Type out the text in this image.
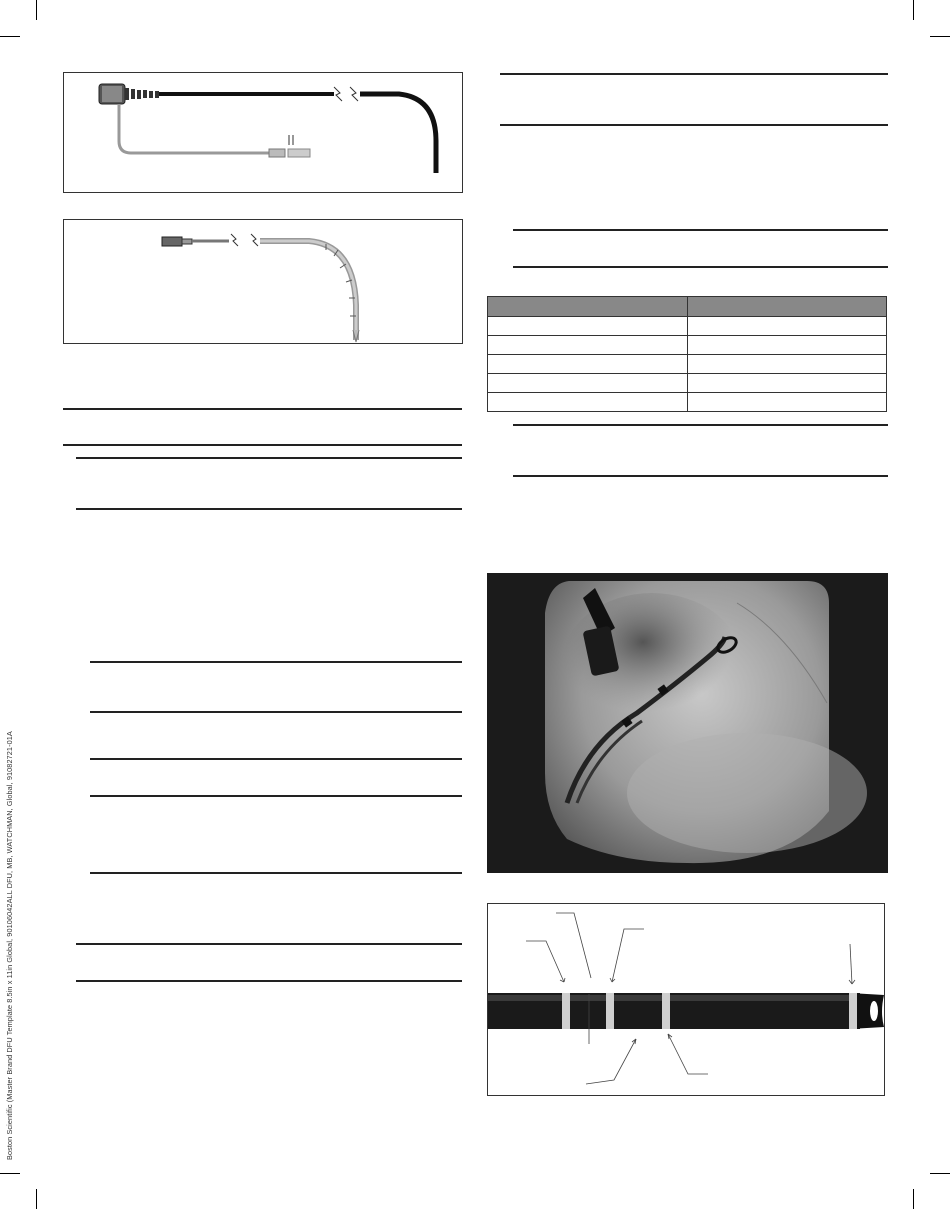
Boston Scientific (Master Brand DFU Template 8.5in x 11in Global, 90106042ALL DFU, MB, WATCHMAN, Global, 91082721-01A
